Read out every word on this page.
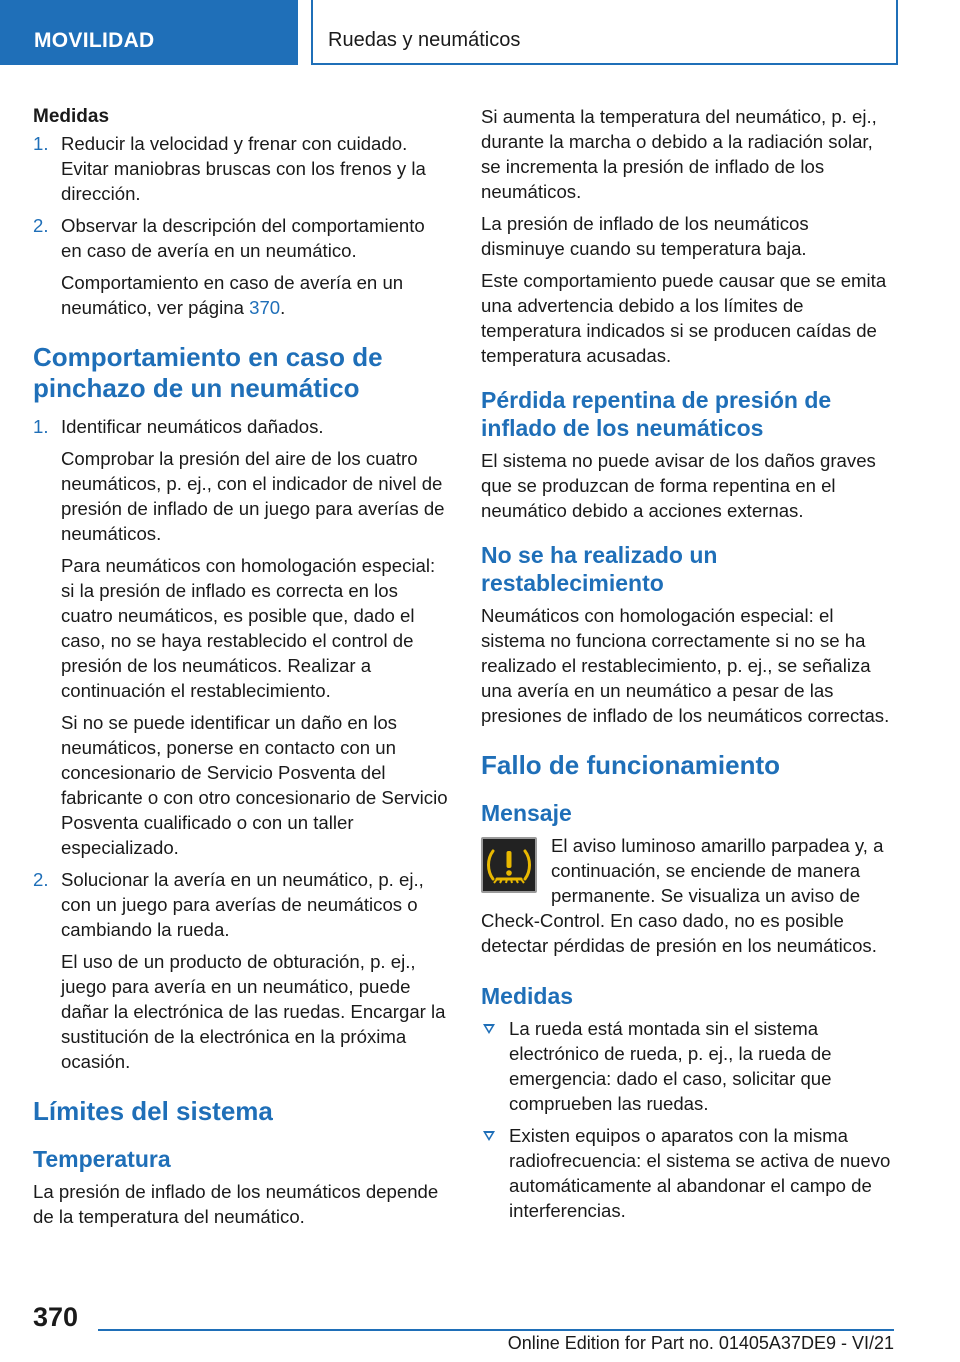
MOVILIDAD	Ruedas y neumáticos

Medidas

1. Reducir la velocidad y frenar con cuidado. Evitar maniobras bruscas con los frenos y la dirección.

2. Observar la descripción del comportamiento en caso de avería en un neumático.

Comportamiento en caso de avería en un neumático, ver página 370.

Comportamiento en caso de pinchazo de un neumático
1. Identificar neumáticos dañados.

Comprobar la presión del aire de los cuatro neumáticos, p. ej., con el indicador de nivel de presión de inflado de un juego para averías de neumáticos.

Para neumáticos con homologación especial: si la presión de inflado es correcta en los cuatro neumáticos, es posible que, dado el caso, no se haya restablecido el control de presión de los neumáticos. Realizar a continuación el restablecimiento.

Si no se puede identificar un daño en los neumáticos, ponerse en contacto con un concesionario de Servicio Posventa del fabricante o con otro concesionario de Servicio Posventa cualificado o con un taller especializado.

2. Solucionar la avería en un neumático, p. ej., con un juego para averías de neumáticos o cambiando la rueda.

El uso de un producto de obturación, p. ej., juego para avería en un neumático, puede dañar la electrónica de las ruedas. Encargar la sustitución de la electrónica en la próxima ocasión.

Límites del sistema
Temperatura

La presión de inflado de los neumáticos depende de la temperatura del neumático.

Si aumenta la temperatura del neumático, p. ej., durante la marcha o debido a la radiación solar, se incrementa la presión de inflado de los neumáticos.

La presión de inflado de los neumáticos disminuye cuando su temperatura baja.

Este comportamiento puede causar que se emita una advertencia debido a los límites de temperatura indicados si se producen caídas de temperatura acusadas.

Pérdida repentina de presión de inflado de los neumáticos

El sistema no puede avisar de los daños graves que se produzcan de forma repentina en el neumático debido a acciones externas.

No se ha realizado un restablecimiento

Neumáticos con homologación especial: el sistema no funciona correctamente si no se ha realizado el restablecimiento, p. ej., se señaliza una avería en un neumático a pesar de las presiones de inflado de los neumáticos correctas.

Fallo de funcionamiento
Mensaje

El aviso luminoso amarillo parpadea y, a continuación, se enciende de manera permanente. Se visualiza un aviso de Check-Control. En caso dado, no es posible detectar pérdidas de presión en los neumáticos.

Medidas

La rueda está montada sin el sistema electrónico de rueda, p. ej., la rueda de emergencia: dado el caso, solicitar que comprueben las ruedas.

Existen equipos o aparatos con la misma radiofrecuencia: el sistema se activa de nuevo automáticamente al abandonar el campo de interferencias.

370
Online Edition for Part no. 01405A37DE9 - VI/21
